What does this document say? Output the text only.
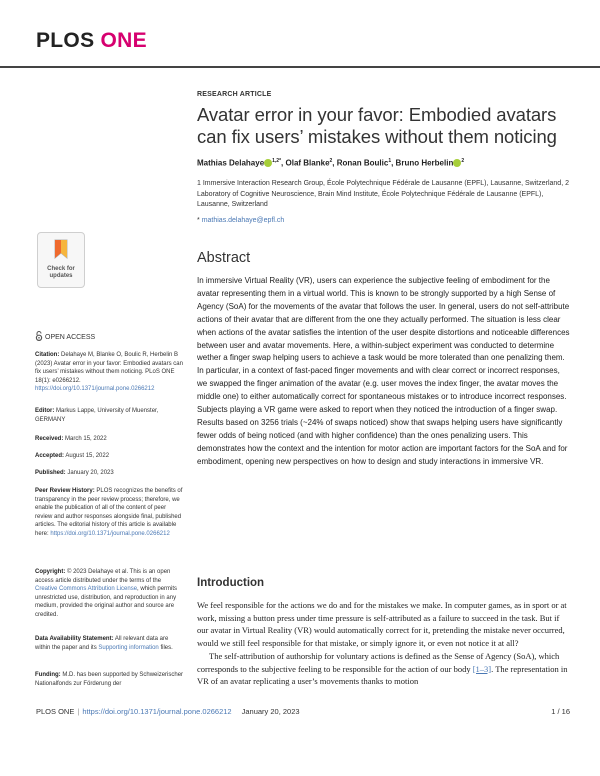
PLOS ONE
RESEARCH ARTICLE
Avatar error in your favor: Embodied avatars can fix users’ mistakes without them noticing
Mathias Delahaye $^{1,2*}$, Olaf Blanke$^2$, Ronan Boulic$^1$, Bruno Herbelin $^2$
1 Immersive Interaction Research Group, École Polytechnique Fédérale de Lausanne (EPFL), Lausanne, Switzerland, 2 Laboratory of Cognitive Neuroscience, Brain Mind Institute, École Polytechnique Fédérale de Lausanne (EPFL), Lausanne, Switzerland
* mathias.delahaye@epfl.ch
Check for
updates
OPEN ACCESS
Citation: Delahaye M, Blanke O, Boulic R, Herbelin B (2023) Avatar error in your favor: Embodied avatars can fix users’ mistakes without them noticing. PLoS ONE 18(1): e0266212. https://doi.org/10.1371/journal.pone.0266212
Editor: Markus Lappe, University of Muenster, GERMANY
Received: March 15, 2022
Accepted: August 15, 2022
Published: January 20, 2023
Peer Review History: PLOS recognizes the benefits of transparency in the peer review process; therefore, we enable the publication of all of the content of peer review and author responses alongside final, published articles. The editorial history of this article is available here: https://doi.org/10.1371/journal.pone.0266212
Copyright: © 2023 Delahaye et al. This is an open access article distributed under the terms of the Creative Commons Attribution License, which permits unrestricted use, distribution, and reproduction in any medium, provided the original author and source are credited.
Data Availability Statement: All relevant data are within the paper and its Supporting information files.
Funding: M.D. has been supported by Schweizerischer Nationalfonds zur Förderung der
Abstract

In immersive Virtual Reality (VR), users can experience the subjective feeling of embodiment for the avatar representing them in a virtual world. This is known to be strongly supported by a high Sense of Agency (SoA) for the movements of the avatar that follows the user. In general, users do not self-attribute actions of their avatar that are different from the one they actually performed. The situation is less clear when actions of the avatar satisfies the intention of the user despite distortions and noticeable differences between user and avatar movements. Here, a within-subject experiment was conducted to determine wether a finger swap helping users to achieve a task would be more tolerated than one penalizing them. In particular, in a context of fast-paced finger movements and with clear correct or incorrect responses, we swapped the finger animation of the avatar (e.g. user moves the index finger, the avatar moves the middle one) to either automatically correct for spontaneous mistakes or to introduce incorrect responses. Subjects playing a VR game were asked to report when they noticed the introduction of a finger swap. Results based on 3256 trials (~24% of swaps noticed) show that swaps helping users have significantly fewer odds of being noticed (and with higher confidence) than the ones penalizing users. This demonstrates how the context and the intention for motor action are important factors for the SoA and for embodiment, opening new perspectives on how to design and study interactions in immersive VR.

Introduction

We feel responsible for the actions we do and for the mistakes we make. In computer games, as in sport or at work, missing a button press under time pressure is self-attributed as a failure to succeed in the task. But if our avatar in Virtual Reality (VR) would automatically correct for it, pretending the mistake never occurred, would we still feel responsible for that mistake, or simply ignore it, or even not notice it at all?

The self-attribution of authorship for voluntary actions is defined as the Sense of Agency (SoA), which corresponds to the subjective feeling to be responsible for the action of our body [1–3]. The representation in VR of an avatar replicating a user’s movements thanks to motion

PLOS ONE | https://doi.org/10.1371/journal.pone.0266212 January 20, 2023	1 / 16
